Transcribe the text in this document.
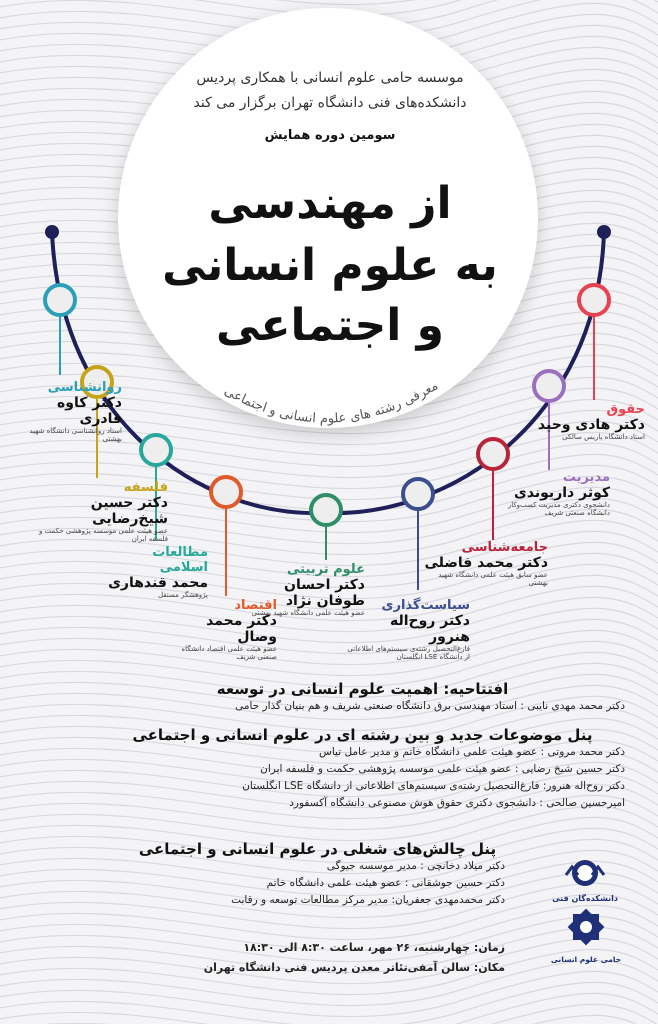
موسسه حامی علوم انسانی با همکاری پردیس
دانشکده‌های فنی دانشگاه تهران برگزار می کند
سومین دوره همایش
از مهندسی
به علوم انسانی
و اجتماعی
معرفی رشته های علوم انسانی و اجتماعی
حقوق
دکتر هادی وحید
استاد دانشگاه پاریس سالکی
مدیریت
کوثر داریوندی
دانشجوی دکتری مدیریت کسب‌وکار دانشگاه صنعتی شریف
جامعه‌شناسی
دکتر محمد فاضلی
عضو سابق هیئت علمی دانشگاه شهید بهشتی
سیاست‌گذاری
دکتر روح‌اله هنرور
فارغ‌التحصیل رشته‌ی سیستم‌های اطلاعاتی از دانشگاه LSE انگلستان
علوم تربیتی
دکتر احسان طوفان نژاد
عضو هیئت علمی دانشگاه شهید بهشتی
اقتصاد
دکتر محمد وصال
عضو هیئت علمی اقتصاد دانشگاه صنعتی شریف
مطالعات اسلامی
محمد قندهاری
پژوهشگر مستقل
فلسفه
دکتر حسین شیخ‌رضایی
عضو هیئت علمی موسسه پژوهشی حکمت و فلسفه ایران
روانشناسی
دکتر کاوه قادری
استاد روانشناسی دانشگاه شهید بهشتی
افتتاحیه: اهمیت علوم انسانی در توسعه
دکتر محمد مهدی نایبی : استاد مهندسی برق دانشگاه صنعتی شریف و هم بنیان گذار حامی
پنل موضوعات جدید و بین رشته ای در علوم انسانی و اجتماعی
دکتر محمد مروتی : عضو هیئت علمی دانشگاه خاتم و مدیر عامل تیاس
دکتر حسین شیخ رضایی : عضو هیئت علمی موسسه پژوهشی حکمت و فلسفه ایران
دکتر روح‌اله هنرور: فارغ‌التحصیل رشته‌ی سیستم‌های اطلاعاتی از دانشگاه LSE انگلستان
امیرحسین صالحی : دانشجوی دکتری حقوق هوش مصنوعی دانشگاه آکسفورد
پنل چالش‌های شغلی در علوم انسانی و اجتماعی
دکتر میلاد دخانچی : مدیر موسسه جیوگی
دکتر حسین جوشقانی : عضو هیئت علمی دانشگاه خاتم
دکتر محمدمهدی جعفریان: مدیر مرکز مطالعات توسعه و رقابت
زمان: چهارشنبه، ۲۶ مهر، ساعت ۸:۳۰ الی ۱۸:۳۰
مکان: سالن آمفی‌تئاتر معدن پردیس فنی دانشگاه تهران
دانشکده‌گان فنی
حامی علوم انسانی
